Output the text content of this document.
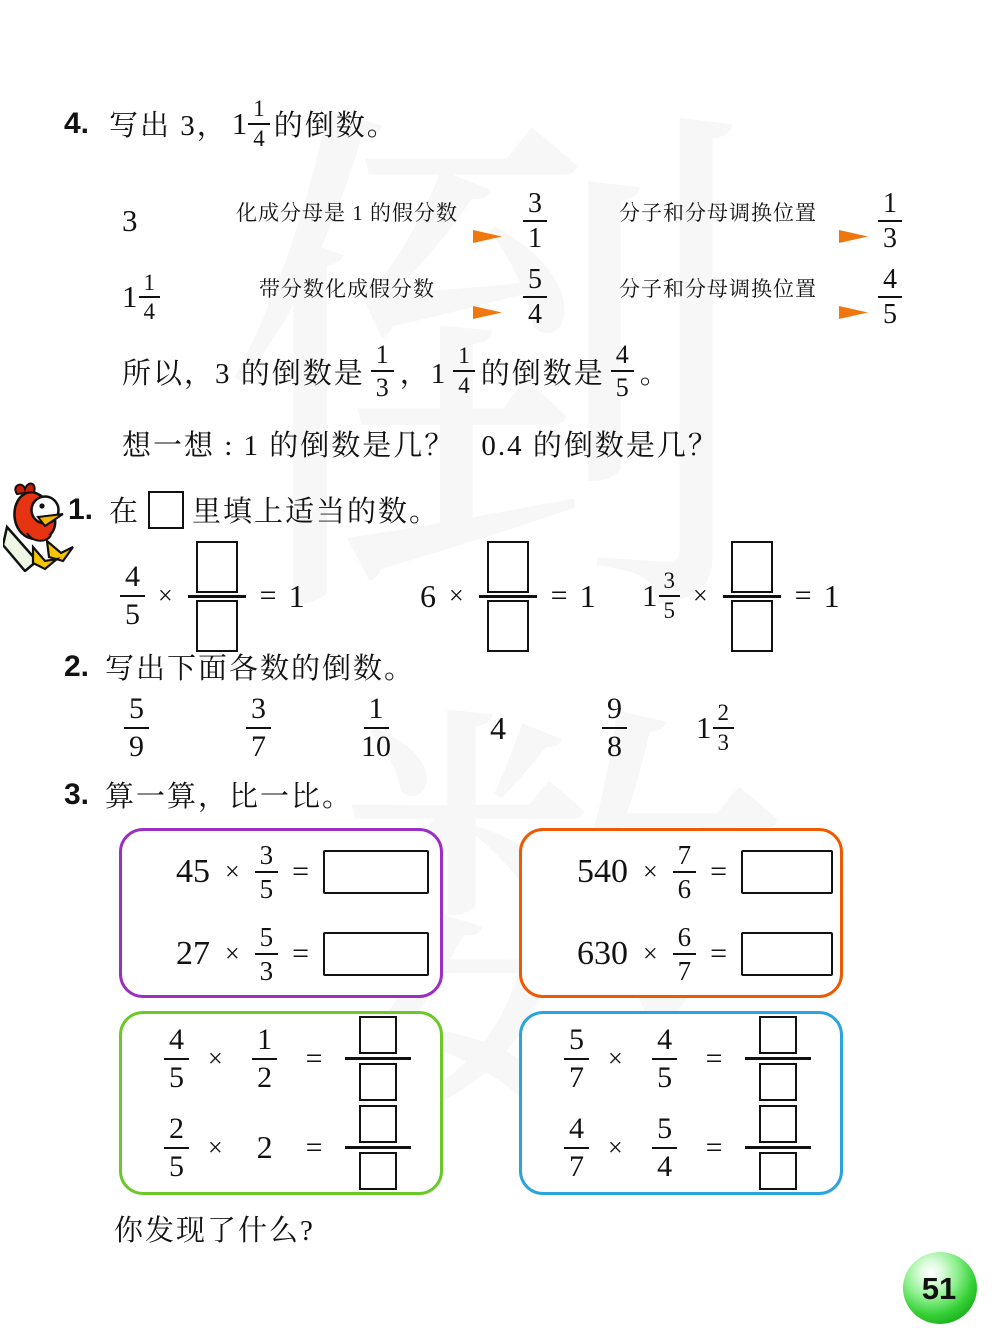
4. 写出 3， $1 \frac{1}{4}$ 的倒数。
3	化成分母是 1 的假分数 $\frac{3}{1}$	分子和分母调换位置 $\frac{1}{3}$
$1 \frac{1}{4}$	带分数化成假分数	$\frac{5}{4}$	分子和分母调换位置 $\frac{4}{5}$
所以，3 的倒数是 $\frac{1}{3}$ ，$1 \frac{1}{4}$ 的倒数是 $\frac{4}{5}$ 。
想一想 : 1 的倒数是几？ 0.4 的倒数是几？
1. 在 里填上适当的数。
$\frac{4}{5}$ ×	= 1	6 ×	= 1 $1 \frac{3}{5}$ ×	= 1
2. 写出下面各数的倒数。
$\frac{5}{9}$	$\frac{3}{7}$	$\frac{1}{10}$	4	$\frac{9}{8} 1 \frac{2}{3}$
3. 算一算，比一比。
$45 \times \frac{3}{5}$ =
$27 \times \frac{5}{3}$ =
$540 \times \frac{7}{6}$ =
$630 \times \frac{6}{7}$ =
$\frac{4}{5} \times \frac{1}{2}$ =
$\frac{2}{5}$ ×	2	=
$\frac{5}{7} \times \frac{4}{5}$ =
$\frac{4}{7} \times \frac{5}{4}$ =
你发现了什么?
51
